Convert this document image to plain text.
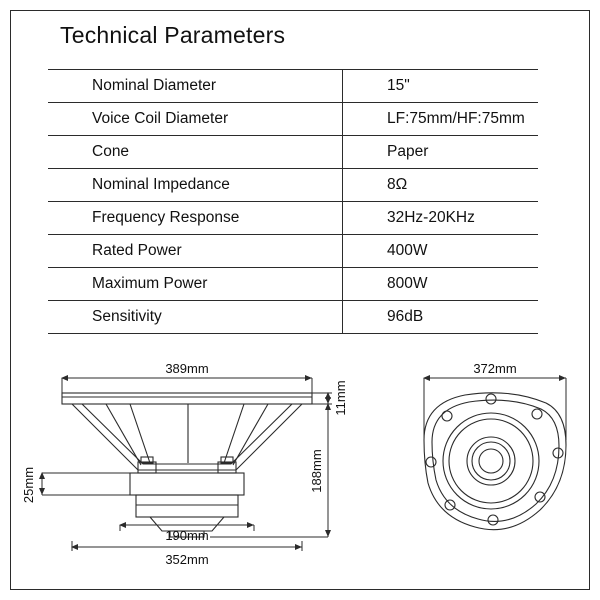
Technical Parameters
Nominal Diameter	15"
Voice Coil Diameter	LF:75mm/HF:75mm
Cone	Paper
Nominal Impedance	8Ω
Frequency Response	32Hz-20KHz
Rated Power	400W
Maximum Power	800W
Sensitivity	96dB
389mm
11mm
188mm
25mm
190mm
352mm
372mm
